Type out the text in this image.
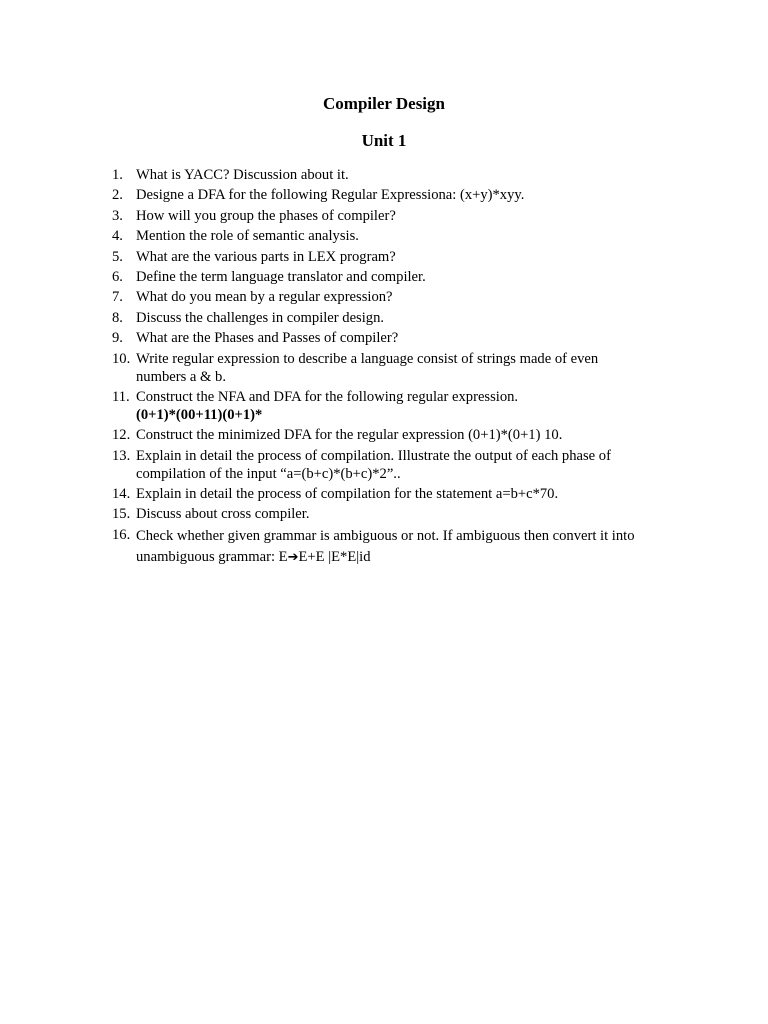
Compiler Design
Unit 1
1. What is YACC? Discussion about it.
2. Designe a DFA for the following Regular Expressiona: (x+y)*xyy.
3. How will you group the phases of compiler?
4. Mention the role of semantic analysis.
5. What are the various parts in LEX program?
6. Define the term language translator and compiler.
7. What do you mean by a regular expression?
8. Discuss the challenges in compiler design.
9. What are the Phases and Passes of compiler?
10. Write regular expression to describe a language consist of strings made of even
numbers a & b.
11. Construct the NFA and DFA for the following regular expression.
(0+1)*(00+11)(0+1)*
12. Construct the minimized DFA for the regular expression (0+1)*(0+1) 10.
13. Explain in detail the process of compilation. Illustrate the output of each phase of
compilation of the input “a=(b+c)*(b+c)*2”..
14. Explain in detail the process of compilation for the statement a=b+c*70.
15. Discuss about cross compiler.
16. Check whether given grammar is ambiguous or not. If ambiguous then convert it into
unambiguous grammar: E➔E+E |E*E|id
